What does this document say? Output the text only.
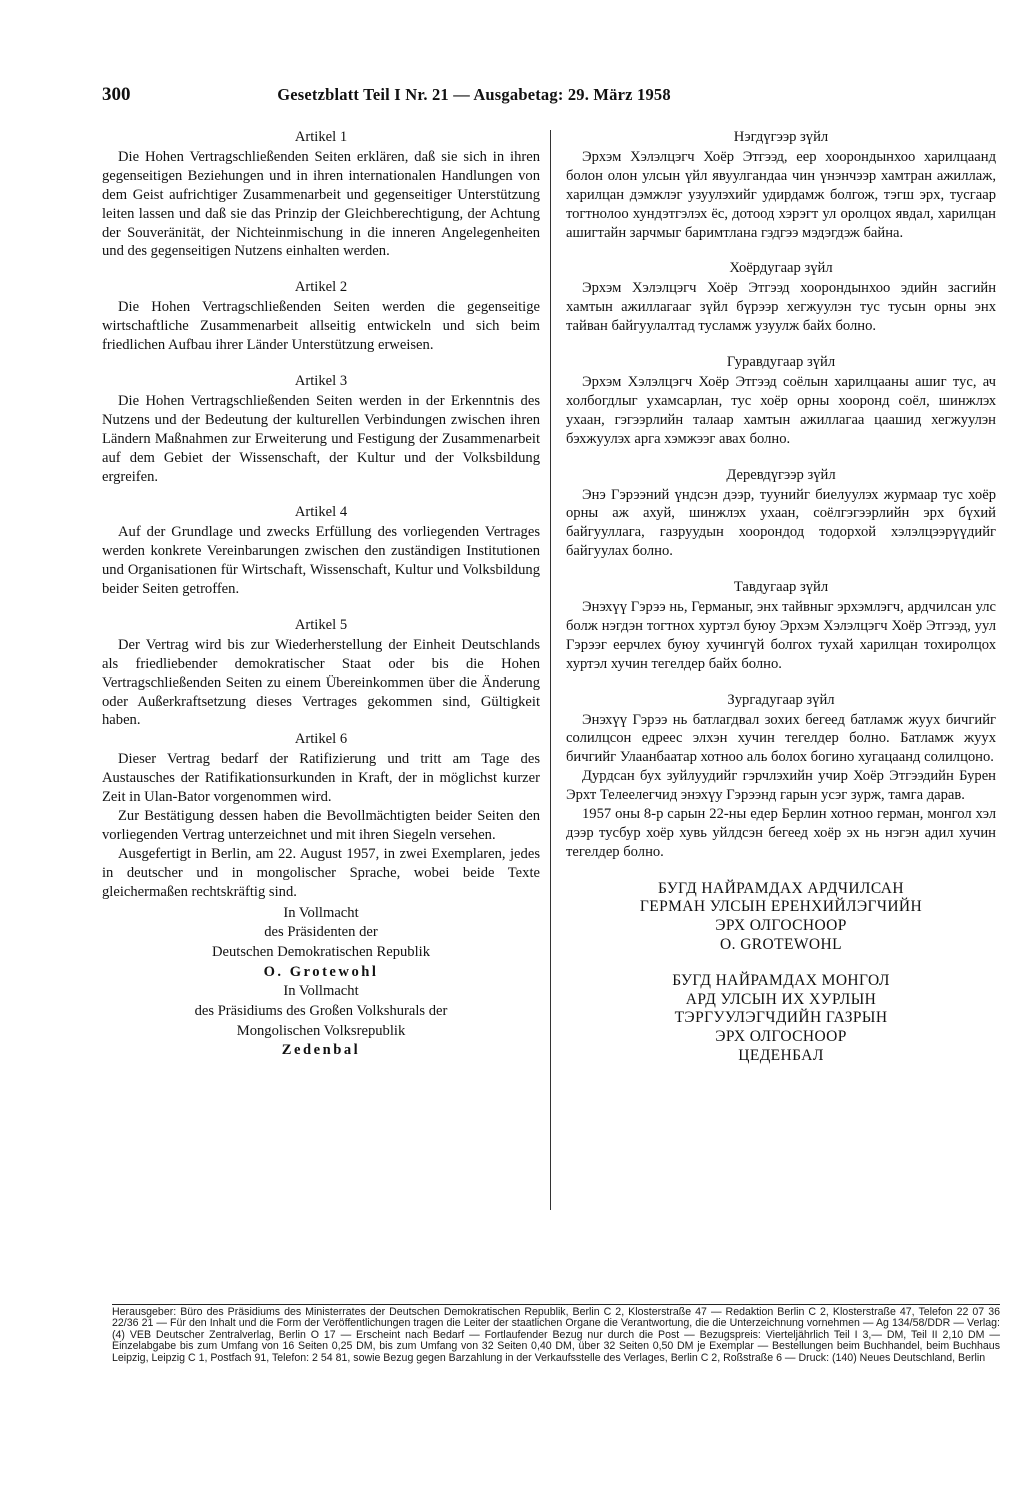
300	Gesetzblatt Teil I Nr. 21 — Ausgabetag: 29. März 1958
Artikel 1

Die Hohen Vertragschließenden Seiten erklären, daß sie sich in ihren gegenseitigen Beziehungen und in ihren internationalen Handlungen von dem Geist aufrichtiger Zusammenarbeit und gegenseitiger Unterstützung leiten lassen und daß sie das Prinzip der Gleichberechtigung, der Achtung der Souveränität, der Nichteinmischung in die inneren Angelegenheiten und des gegenseitigen Nutzens einhalten werden.

Artikel 2

Die Hohen Vertragschließenden Seiten werden die gegenseitige wirtschaftliche Zusammenarbeit allseitig entwickeln und sich beim friedlichen Aufbau ihrer Länder Unterstützung erweisen.

Artikel 3

Die Hohen Vertragschließenden Seiten werden in der Erkenntnis des Nutzens und der Bedeutung der kulturellen Verbindungen zwischen ihren Ländern Maßnahmen zur Erweiterung und Festigung der Zusammenarbeit auf dem Gebiet der Wissenschaft, der Kultur und der Volksbildung ergreifen.

Artikel 4

Auf der Grundlage und zwecks Erfüllung des vorliegenden Vertrages werden konkrete Vereinbarungen zwischen den zuständigen Institutionen und Organisationen für Wirtschaft, Wissenschaft, Kultur und Volksbildung beider Seiten getroffen.

Artikel 5

Der Vertrag wird bis zur Wiederherstellung der Einheit Deutschlands als friedliebender demokratischer Staat oder bis die Hohen Vertragschließenden Seiten zu einem Übereinkommen über die Änderung oder Außerkraftsetzung dieses Vertrages gekommen sind, Gültigkeit haben.

Artikel 6

Dieser Vertrag bedarf der Ratifizierung und tritt am Tage des Austausches der Ratifikationsurkunden in Kraft, der in möglichst kurzer Zeit in Ulan-Bator vorgenommen wird.

Zur Bestätigung dessen haben die Bevollmächtigten beider Seiten den vorliegenden Vertrag unterzeichnet und mit ihren Siegeln versehen.

Ausgefertigt in Berlin, am 22. August 1957, in zwei Exemplaren, jedes in deutscher und in mongolischer Sprache, wobei beide Texte gleichermaßen rechtskräftig sind.

In Vollmacht
des Präsidenten der
Deutschen Demokratischen Republik
O. Grotewohl
In Vollmacht
des Präsidiums des Großen Volkshurals der
Mongolischen Volksrepublik
Zedenbal
Нэгдүгээр зүйл

Эрхэм Хэлэлцэгч Хоёр Этгээд, еер хоорондынхоо харилцаанд болон олон улсын үйл явуулгандаа чин үнэнчээр хамтран ажиллаж, харилцан дэмжлэг узуулэхийг удирдамж болгож, тэгш эрх, тусгаар тогтнолоо хундэтгэлэх ёс, дотоод хэрэгт ул оролцох явдал, харилцан ашигтайн зарчмыг баримтлана гэдгээ мэдэгдэж байна.

Хоёрдугаар зүйл

Эрхэм Хэлэлцэгч Хоёр Этгээд хоорондынхоо эдийн засгийн хамтын ажиллагааг зүйл бүрээр хегжуулэн тус тусын орны энх тайван байгуулалтад тусламж узуулж байх болно.

Гуравдугаар зүйл

Эрхэм Хэлэлцэгч Хоёр Этгээд соёлын харилцааны ашиг тус, ач холбогдлыг ухамсарлан, тус хоёр орны хооронд соёл, шинжлэх ухаан, гэгээрлийн талаар хамтын ажиллагаа цаашид хегжуулэн бэхжуулэх арга хэмжээг авах болно.

Деревдүгээр зүйл

Энэ Гэрээний үндсэн дээр, туунийг биелуулэх журмаар тус хоёр орны аж ахуй, шинжлэх ухаан, соёлгэгээрлийн эрх бүхий байгууллага, газруудын хоорондод тодорхой хэлэлцээрүүдийг байгуулах болно.

Тавдугаар зүйл

Энэхүү Гэрээ нь, Германыг, энх тайвныг эрхэмлэгч, ардчилсан улс болж нэгдэн тогтнох хуртэл буюу Эрхэм Хэлэлцэгч Хоёр Этгээд, уул Гэрээг еерчлех буюу хучингүй болгох тухай харилцан тохиролцох хуртэл хучин тегелдер байх болно.

Зургадугаар зүйл

Энэхүү Гэрээ нь батлагдвал зохих бегеед батламж жуух бичгийг солилцсон едреес элхэн хучин тегелдер болно. Батламж жуух бичгийг Улаанбаатар хотноо аль болох богино хугацаанд солилцоно.

Дурдсан бух зуйлуудийг гэрчлэхийн учир Хоёр Этгээдийн Бурен Эрхт Телеелегчид энэхүу Гэрээнд гарын усэг зурж, тамга дарав.

1957 оны 8-р сарын 22-ны едер Берлин хотноо герман, монгол хэл дээр тусбур хоёр хувь уйлдсэн бегеед хоёр эх нь нэгэн адил хучин тегелдер болно.

БУГД НАЙРАМДАХ АРДЧИЛСАН
ГЕРМАН УЛСЫН ЕРЕНХИЙЛЭГЧИЙН
ЭРХ ОЛГОСНООР
O. GROTEWOHL
БУГД НАЙРАМДАХ МОНГОЛ
АРД УЛСЫН ИХ ХУРЛЫН
ТЭРГУУЛЭГЧДИЙН ГАЗРЫН
ЭРХ ОЛГОСНООР
ЦЕДЕНБАЛ
Herausgeber: Büro des Präsidiums des Ministerrates der Deutschen Demokratischen Republik, Berlin C 2, Klosterstraße 47 — Redaktion Berlin C 2, Klosterstraße 47, Telefon 22 07 36 22/36 21 — Für den Inhalt und die Form der Veröffentlichungen tragen die Leiter der staatlichen Organe die Verantwortung, die die Unterzeichnung vornehmen — Ag 134/58/DDR — Verlag: (4) VEB Deutscher Zentralverlag, Berlin O 17 — Erscheint nach Bedarf — Fortlaufender Bezug nur durch die Post — Bezugspreis: Vierteljährlich Teil I 3,— DM, Teil II 2,10 DM — Einzelabgabe bis zum Umfang von 16 Seiten 0,25 DM, bis zum Umfang von 32 Seiten 0,40 DM, über 32 Seiten 0,50 DM je Exemplar — Bestellungen beim Buchhandel, beim Buchhaus Leipzig, Leipzig C 1, Postfach 91, Telefon: 2 54 81, sowie Bezug gegen Barzahlung in der Verkaufsstelle des Verlages, Berlin C 2, Roßstraße 6 — Druck: (140) Neues Deutschland, Berlin
